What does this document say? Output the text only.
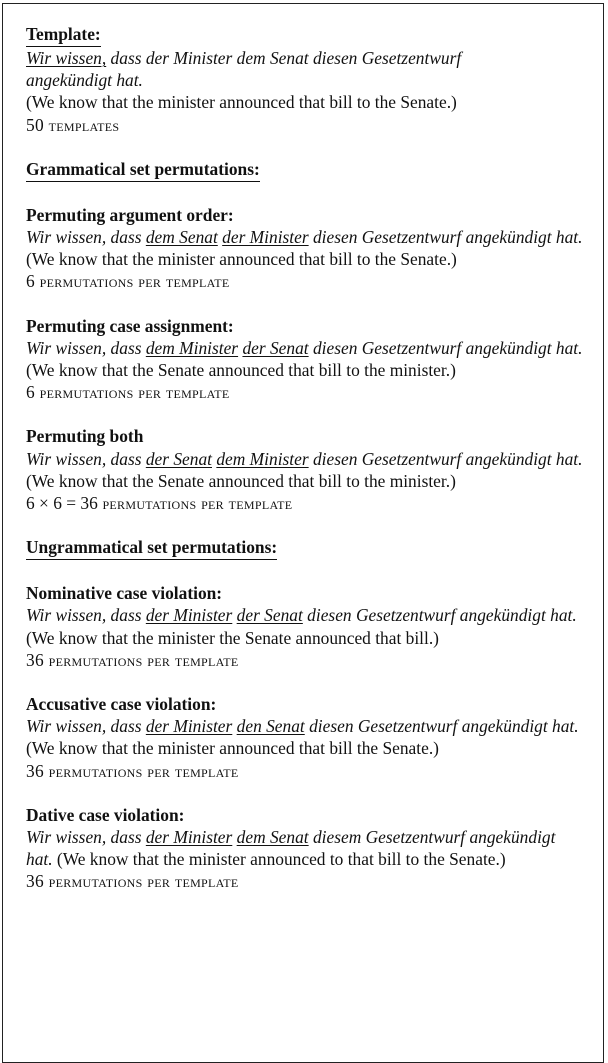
Template:
Wir wissen, dass der Minister dem Senat diesen Gesetzentwurf
angekündigt hat.
(We know that the minister announced that bill to the Senate.)
50 templates
Grammatical set permutations:
Permuting argument order:
Wir wissen, dass dem Senat der Minister diesen Gesetzentwurf angekündigt hat. (We know that the minister announced that bill to the Senate.)
6 permutations per template
Permuting case assignment:
Wir wissen, dass dem Minister der Senat diesen Gesetzentwurf angekündigt hat. (We know that the Senate announced that bill to the minister.)
6 permutations per template
Permuting both
Wir wissen, dass der Senat dem Minister diesen Gesetzentwurf angekündigt hat. (We know that the Senate announced that bill to the minister.)
6 × 6 = 36 permutations per template
Ungrammatical set permutations:
Nominative case violation:
Wir wissen, dass der Minister der Senat diesen Gesetzentwurf angekündigt hat. (We know that the minister the Senate announced that bill.)
36 permutations per template
Accusative case violation:
Wir wissen, dass der Minister den Senat diesen Gesetzentwurf angekündigt hat. (We know that the minister announced that bill the Senate.)
36 permutations per template
Dative case violation:
Wir wissen, dass der Minister dem Senat diesem Gesetzentwurf angekündigt hat. (We know that the minister announced to that bill to the Senate.)
36 permutations per template
